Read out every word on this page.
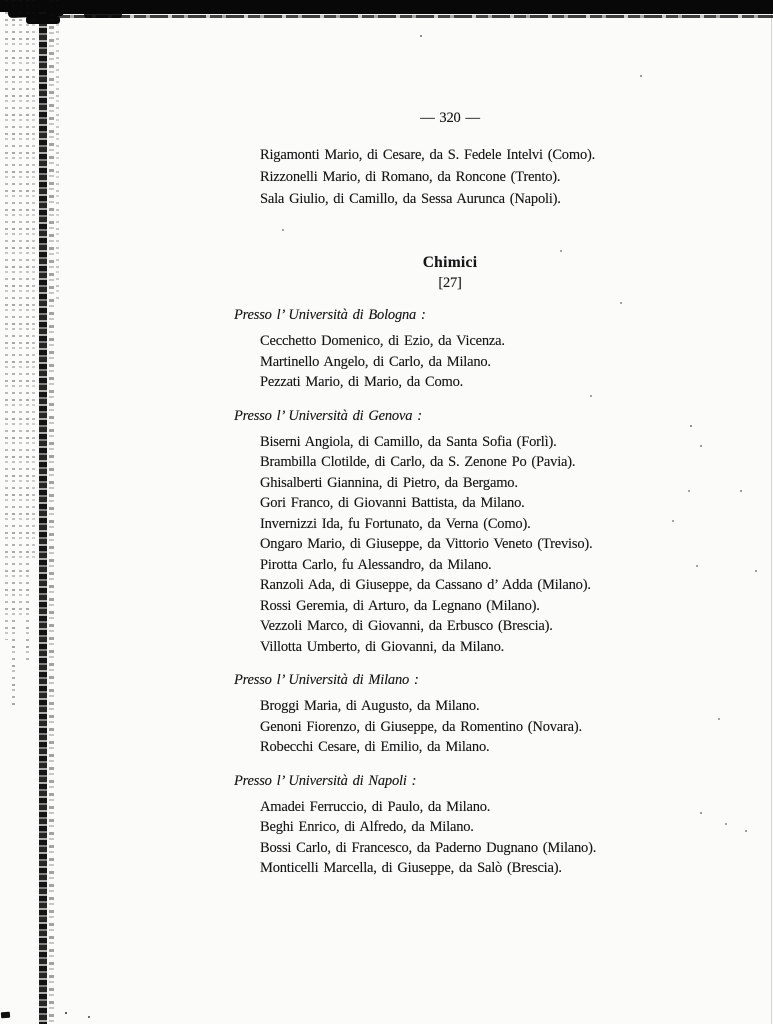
— 320 —
Rigamonti Mario, di Cesare, da S. Fedele Intelvi (Como).
Rizzonelli Mario, di Romano, da Roncone (Trento).
Sala Giulio, di Camillo, da Sessa Aurunca (Napoli).
Chimici
[27]
Presso l’ Università di Bologna :
Cecchetto Domenico, di Ezio, da Vicenza.
Martinello Angelo, di Carlo, da Milano.
Pezzati Mario, di Mario, da Como.
Presso l’ Università di Genova :
Biserni Angiola, di Camillo, da Santa Sofia (Forlì).
Brambilla Clotilde, di Carlo, da S. Zenone Po (Pavia).
Ghisalberti Giannina, di Pietro, da Bergamo.
Gori Franco, di Giovanni Battista, da Milano.
Invernizzi Ida, fu Fortunato, da Verna (Como).
Ongaro Mario, di Giuseppe, da Vittorio Veneto (Treviso).
Pirotta Carlo, fu Alessandro, da Milano.
Ranzoli Ada, di Giuseppe, da Cassano d’ Adda (Milano).
Rossi Geremia, di Arturo, da Legnano (Milano).
Vezzoli Marco, di Giovanni, da Erbusco (Brescia).
Villotta Umberto, di Giovanni, da Milano.
Presso l’ Università di Milano :
Broggi Maria, di Augusto, da Milano.
Genoni Fiorenzo, di Giuseppe, da Romentino (Novara).
Robecchi Cesare, di Emilio, da Milano.
Presso l’ Università di Napoli :
Amadei Ferruccio, di Paulo, da Milano.
Beghi Enrico, di Alfredo, da Milano.
Bossi Carlo, di Francesco, da Paderno Dugnano (Milano).
Monticelli Marcella, di Giuseppe, da Salò (Brescia).
